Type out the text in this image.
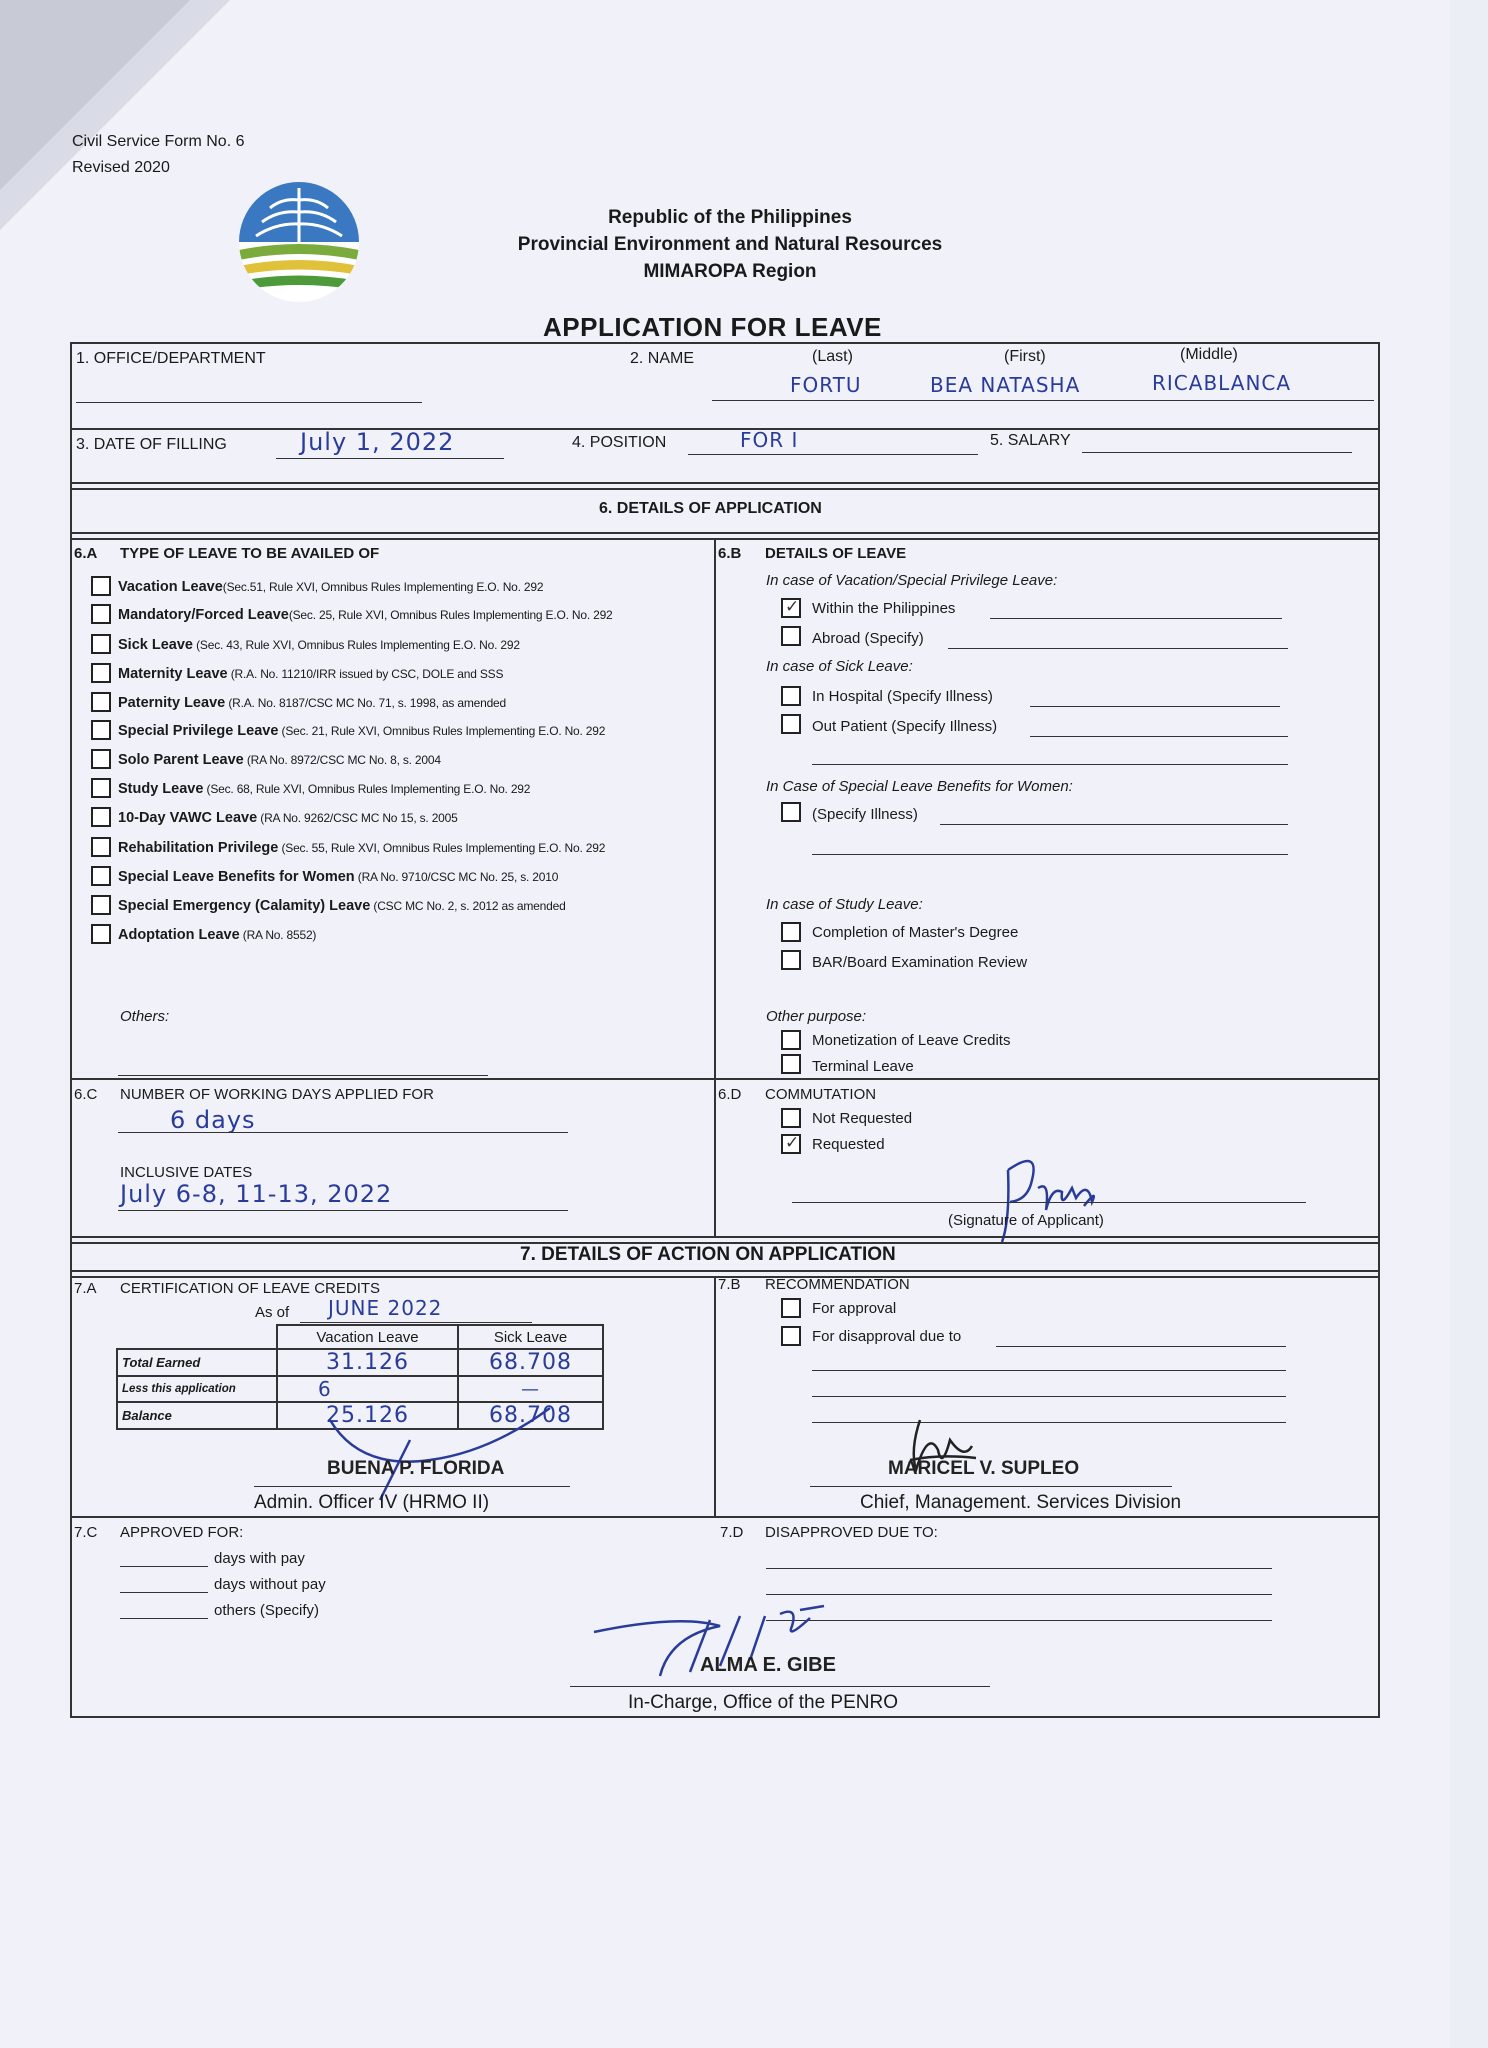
Civil Service Form No. 6
Revised 2020
Republic of the Philippines
Provincial Environment and Natural Resources
MIMAROPA Region
APPLICATION FOR LEAVE
1. OFFICE/DEPARTMENT	2. NAME	(Last)	(First)	(Middle)
FORTU	BEA NATASHA	RICABLANCA
3. DATE OF FILLING	July 1, 2022	4. POSITION	FOR I	5. SALARY
6. DETAILS OF APPLICATION
6.A TYPE OF LEAVE TO BE AVAILED OF
Vacation Leave(Sec.51, Rule XVI, Omnibus Rules Implementing E.O. No. 292
Mandatory/Forced Leave(Sec. 25, Rule XVI, Omnibus Rules Implementing E.O. No. 292
Sick Leave (Sec. 43, Rule XVI, Omnibus Rules Implementing E.O. No. 292
Maternity Leave (R.A. No. 11210/IRR issued by CSC, DOLE and SSS
Paternity Leave (R.A. No. 8187/CSC MC No. 71, s. 1998, as amended
Special Privilege Leave (Sec. 21, Rule XVI, Omnibus Rules Implementing E.O. No. 292
Solo Parent Leave (RA No. 8972/CSC MC No. 8, s. 2004
Study Leave (Sec. 68, Rule XVI, Omnibus Rules Implementing E.O. No. 292
10-Day VAWC Leave (RA No. 9262/CSC MC No 15, s. 2005
Rehabilitation Privilege (Sec. 55, Rule XVI, Omnibus Rules Implementing E.O. No. 292
Special Leave Benefits for Women (RA No. 9710/CSC MC No. 25, s. 2010
Special Emergency (Calamity) Leave (CSC MC No. 2, s. 2012 as amended
Adoptation Leave (RA No. 8552)
Others:
6.B DETAILS OF LEAVE
In case of Vacation/Special Privilege Leave:
✓
Within the Philippines
Abroad (Specify)
In case of Sick Leave:
In Hospital (Specify Illness)
Out Patient (Specify Illness)
In Case of Special Leave Benefits for Women:
(Specify Illness)
In case of Study Leave:
Completion of Master's Degree
BAR/Board Examination Review
Other purpose:
Monetization of Leave Credits
Terminal Leave
6.C NUMBER OF WORKING DAYS APPLIED FOR
6 days
INCLUSIVE DATES
July 6-8, 11-13, 2022
6.D COMMUTATION
Not Requested
✓
Requested
(Signature of Applicant)
7. DETAILS OF ACTION ON APPLICATION
7.A CERTIFICATION OF LEAVE CREDITS
As of JUNE 2022
	Vacation Leave	Sick Leave
Total Earned	31.126	68.708
Less this application	6	—
Balance	25.126	68.708
BUENA P. FLORIDA
Admin. Officer IV (HRMO II)
7.B RECOMMENDATION
For approval
For disapproval due to
MARICEL V. SUPLEO
Chief, Management. Services Division
7.C APPROVED FOR:
days with pay
days without pay
others (Specify)
7.D DISAPPROVED DUE TO:
ALMA E. GIBE
In-Charge, Office of the PENRO
